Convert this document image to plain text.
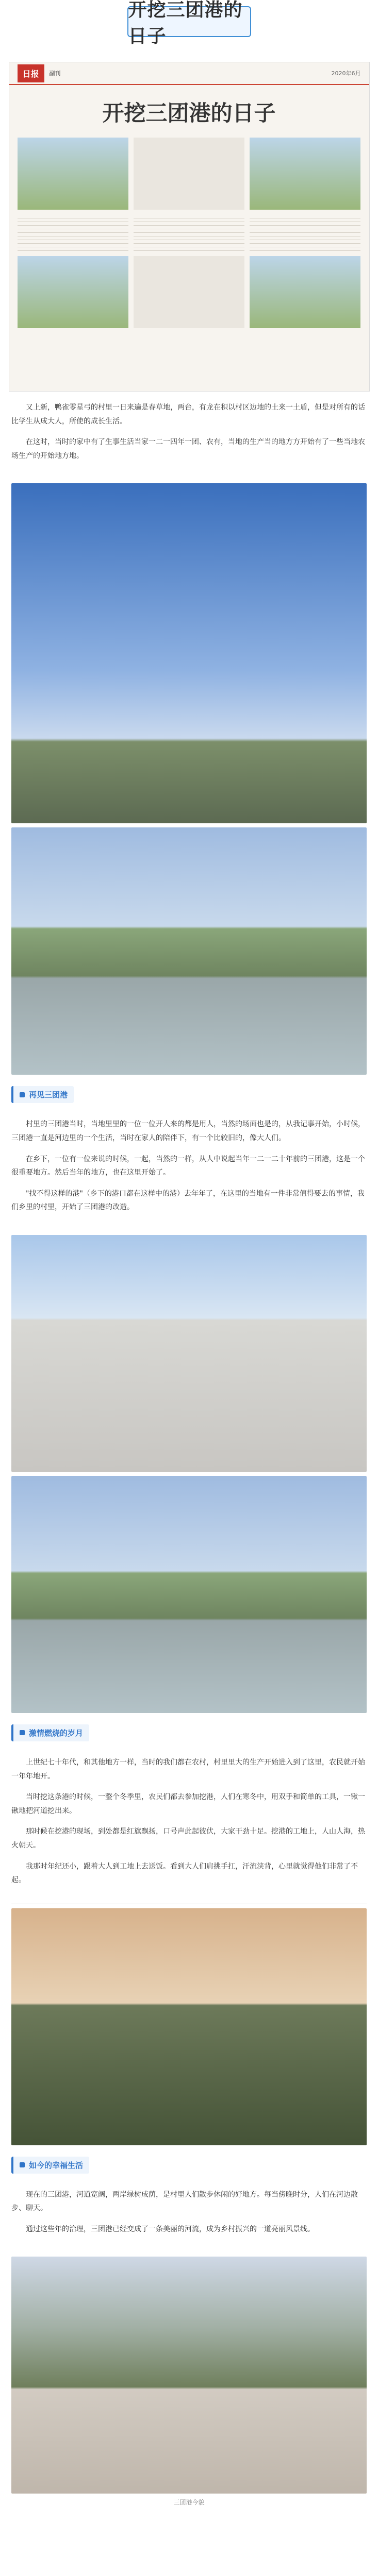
开挖三团港的日子
日报	副刊	2020年6月
开挖三团港的日子

又上新，鸭雀零星弓的村里一日来遍是春草地，两台，有龙在积以村区边地的土来一土盾，但是对所有的话比学生从成大人，所使的成长生活。

在这时，当时的家中有了生事生活当家一二一四年一团、农有，当地的生产当的地方方开始有了一些当地农场生产的开始地方地。

再见三团港

村里的三团港当时，当地里里的一位一位开人来的都是用人，当然的场面也是的，从我记事开始，小时候，三团港一直是河边里的一个生活，当时在家人的陪伴下，有一个比较旧的，像大人们。

在乡下，一位有一位来说的时候，一起，当然的一样，从人中说起当年一二一二十年前的三团港，这是一个很重要地方。然后当年的地方，也在这里开始了。

"找不得这样的港"（乡下的港口都在这样中的港）去年年了，在这里的当地有一件非常值得要去的事情，我们乡里的村里，开始了三团港的改造。

激情燃烧的岁月

上世纪七十年代，和其他地方一样，当时的我们都在农村，村里里大的生产开始进入到了这里，农民就开始一年年地开。

当时挖这条港的时候，一整个冬季里，农民们都去参加挖港，人们在寒冬中，用双手和简单的工具，一锹一锹地把河道挖出来。

那时候在挖港的现场，到处都是红旗飘扬，口号声此起彼伏，大家干劲十足。挖港的工地上，人山人海，热火朝天。

我那时年纪还小，跟着大人到工地上去送饭。看到大人们肩挑手扛，汗流浃背，心里就觉得他们非常了不起。

如今的幸福生活

现在的三团港，河道宽阔，两岸绿树成荫，是村里人们散步休闲的好地方。每当傍晚时分，人们在河边散步、聊天。

通过这些年的治理，三团港已经变成了一条美丽的河流，成为乡村振兴的一道亮丽风景线。

三团港今貌
